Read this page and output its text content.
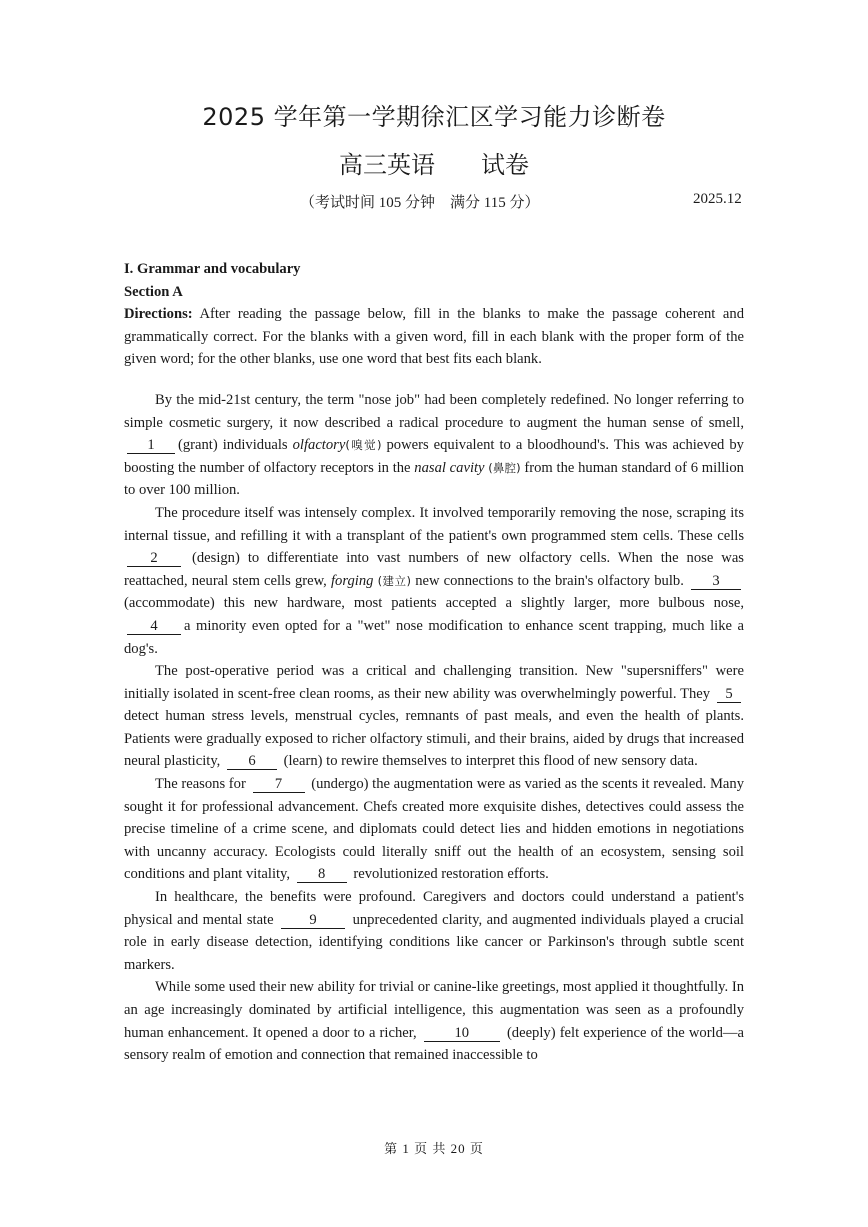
2025 学年第一学期徐汇区学习能力诊断卷
高三英语 试卷
（考试时间 105 分钟　满分 115 分）	2025.12
I. Grammar and vocabulary
Section A
Directions: After reading the passage below, fill in the blanks to make the passage coherent and grammatically correct. For the blanks with a given word, fill in each blank with the proper form of the given word; for the other blanks, use one word that best fits each blank.
By the mid-21st century, the term "nose job" had been completely redefined. No longer referring to simple cosmetic surgery, it now described a radical procedure to augment the human sense of smell, 1 (grant) individuals olfactory(嗅觉) powers equivalent to a bloodhound's. This was achieved by boosting the number of olfactory receptors in the nasal cavity (鼻腔) from the human standard of 6 million to over 100 million.
The procedure itself was intensely complex. It involved temporarily removing the nose, scraping its internal tissue, and refilling it with a transplant of the patient's own programmed stem cells. These cells 2 (design) to differentiate into vast numbers of new olfactory cells. When the nose was reattached, neural stem cells grew, forging (建立) new connections to the brain's olfactory bulb. 3 (accommodate) this new hardware, most patients accepted a slightly larger, more bulbous nose, 4 a minority even opted for a "wet" nose modification to enhance scent trapping, much like a dog's.
The post-operative period was a critical and challenging transition. New "supersniffers" were initially isolated in scent-free clean rooms, as their new ability was overwhelmingly powerful. They 5 detect human stress levels, menstrual cycles, remnants of past meals, and even the health of plants. Patients were gradually exposed to richer olfactory stimuli, and their brains, aided by drugs that increased neural plasticity, 6 (learn) to rewire themselves to interpret this flood of new sensory data.
The reasons for 7 (undergo) the augmentation were as varied as the scents it revealed. Many sought it for professional advancement. Chefs created more exquisite dishes, detectives could assess the precise timeline of a crime scene, and diplomats could detect lies and hidden emotions in negotiations with uncanny accuracy. Ecologists could literally sniff out the health of an ecosystem, sensing soil conditions and plant vitality, 8 revolutionized restoration efforts.
In healthcare, the benefits were profound. Caregivers and doctors could understand a patient's physical and mental state 9 unprecedented clarity, and augmented individuals played a crucial role in early disease detection, identifying conditions like cancer or Parkinson's through subtle scent markers.
While some used their new ability for trivial or canine-like greetings, most applied it thoughtfully. In an age increasingly dominated by artificial intelligence, this augmentation was seen as a profoundly human enhancement. It opened a door to a richer,	10	(deeply) felt experience of the world—a sensory realm of emotion and connection that remained inaccessible to
第 1 页 共 20 页
